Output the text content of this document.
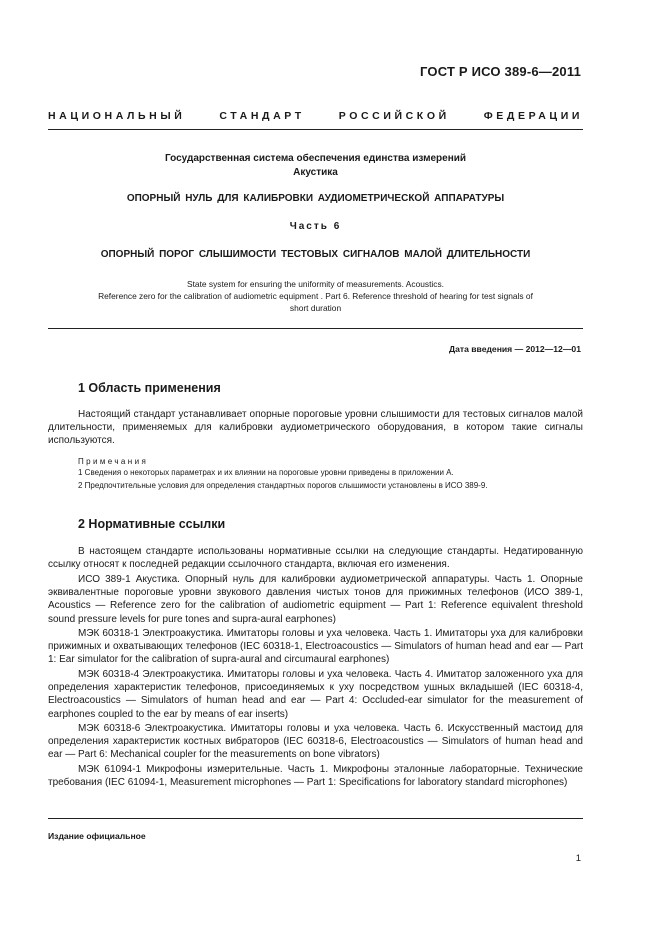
ГОСТ Р ИСО 389-6—2011
НАЦИОНАЛЬНЫЙ	СТАНДАРТ	РОССИЙСКОЙ	ФЕДЕРАЦИИ
Государственная система обеспечения единства измерений
Акустика
ОПОРНЫЙ НУЛЬ ДЛЯ КАЛИБРОВКИ АУДИОМЕТРИЧЕСКОЙ АППАРАТУРЫ
Часть 6
ОПОРНЫЙ ПОРОГ СЛЫШИМОСТИ ТЕСТОВЫХ СИГНАЛОВ МАЛОЙ ДЛИТЕЛЬНОСТИ
State system for ensuring the uniformity of measurements. Acoustics.
Reference zero for the calibration of audiometric equipment . Part 6. Reference threshold of hearing for test signals of
short duration
Дата введения — 2012—12—01
1 Область применения

Настоящий стандарт устанавливает опорные пороговые уровни слышимости для тестовых сигналов малой длительности, применяемых для калибровки аудиометрического оборудования, в котором такие сигналы используются.

Примечания

1 Сведения о некоторых параметрах и их влиянии на пороговые уровни приведены в приложении А.

2 Предпочтительные условия для определения стандартных порогов слышимости установлены в ИСО 389-9.

2 Нормативные ссылки

В настоящем стандарте использованы нормативные ссылки на следующие стандарты. Недатированную ссылку относят к последней редакции ссылочного стандарта, включая его изменения.

ИСО 389-1 Акустика. Опорный нуль для калибровки аудиометрической аппаратуры. Часть 1. Опорные эквивалентные пороговые уровни звукового давления чистых тонов для прижимных телефонов (ИСО 389-1, Acoustics — Reference zero for the calibration of audiometric equipment — Part 1: Reference equivalent threshold sound pressure levels for pure tones and supra-aural earphones)

МЭК 60318-1 Электроакустика. Имитаторы головы и уха человека. Часть 1. Имитаторы уха для калибровки прижимных и охватывающих телефонов (IEC 60318-1, Electroacoustics — Simulators of human head and ear — Part 1: Ear simulator for the calibration of supra-aural and circumaural earphones)

МЭК 60318-4 Электроакустика. Имитаторы головы и уха человека. Часть 4. Имитатор заложенного уха для определения характеристик телефонов, присоединяемых к уху посредством ушных вкладышей (IEC 60318-4, Electroacoustics — Simulators of human head and ear — Part 4: Occluded-ear simulator for the measurement of earphones coupled to the ear by means of ear inserts)

МЭК 60318-6 Электроакустика. Имитаторы головы и уха человека. Часть 6. Искусственный мастоид для определения характеристик костных вибраторов (IEC 60318-6, Electroacoustics — Simulators of human head and ear — Part 6: Mechanical coupler for the measurements on bone vibrators)

МЭК 61094-1 Микрофоны измерительные. Часть 1. Микрофоны эталонные лабораторные. Технические требования (IEC 61094-1, Measurement microphones — Part 1: Specifications for laboratory standard microphones)

Издание официальное
1
